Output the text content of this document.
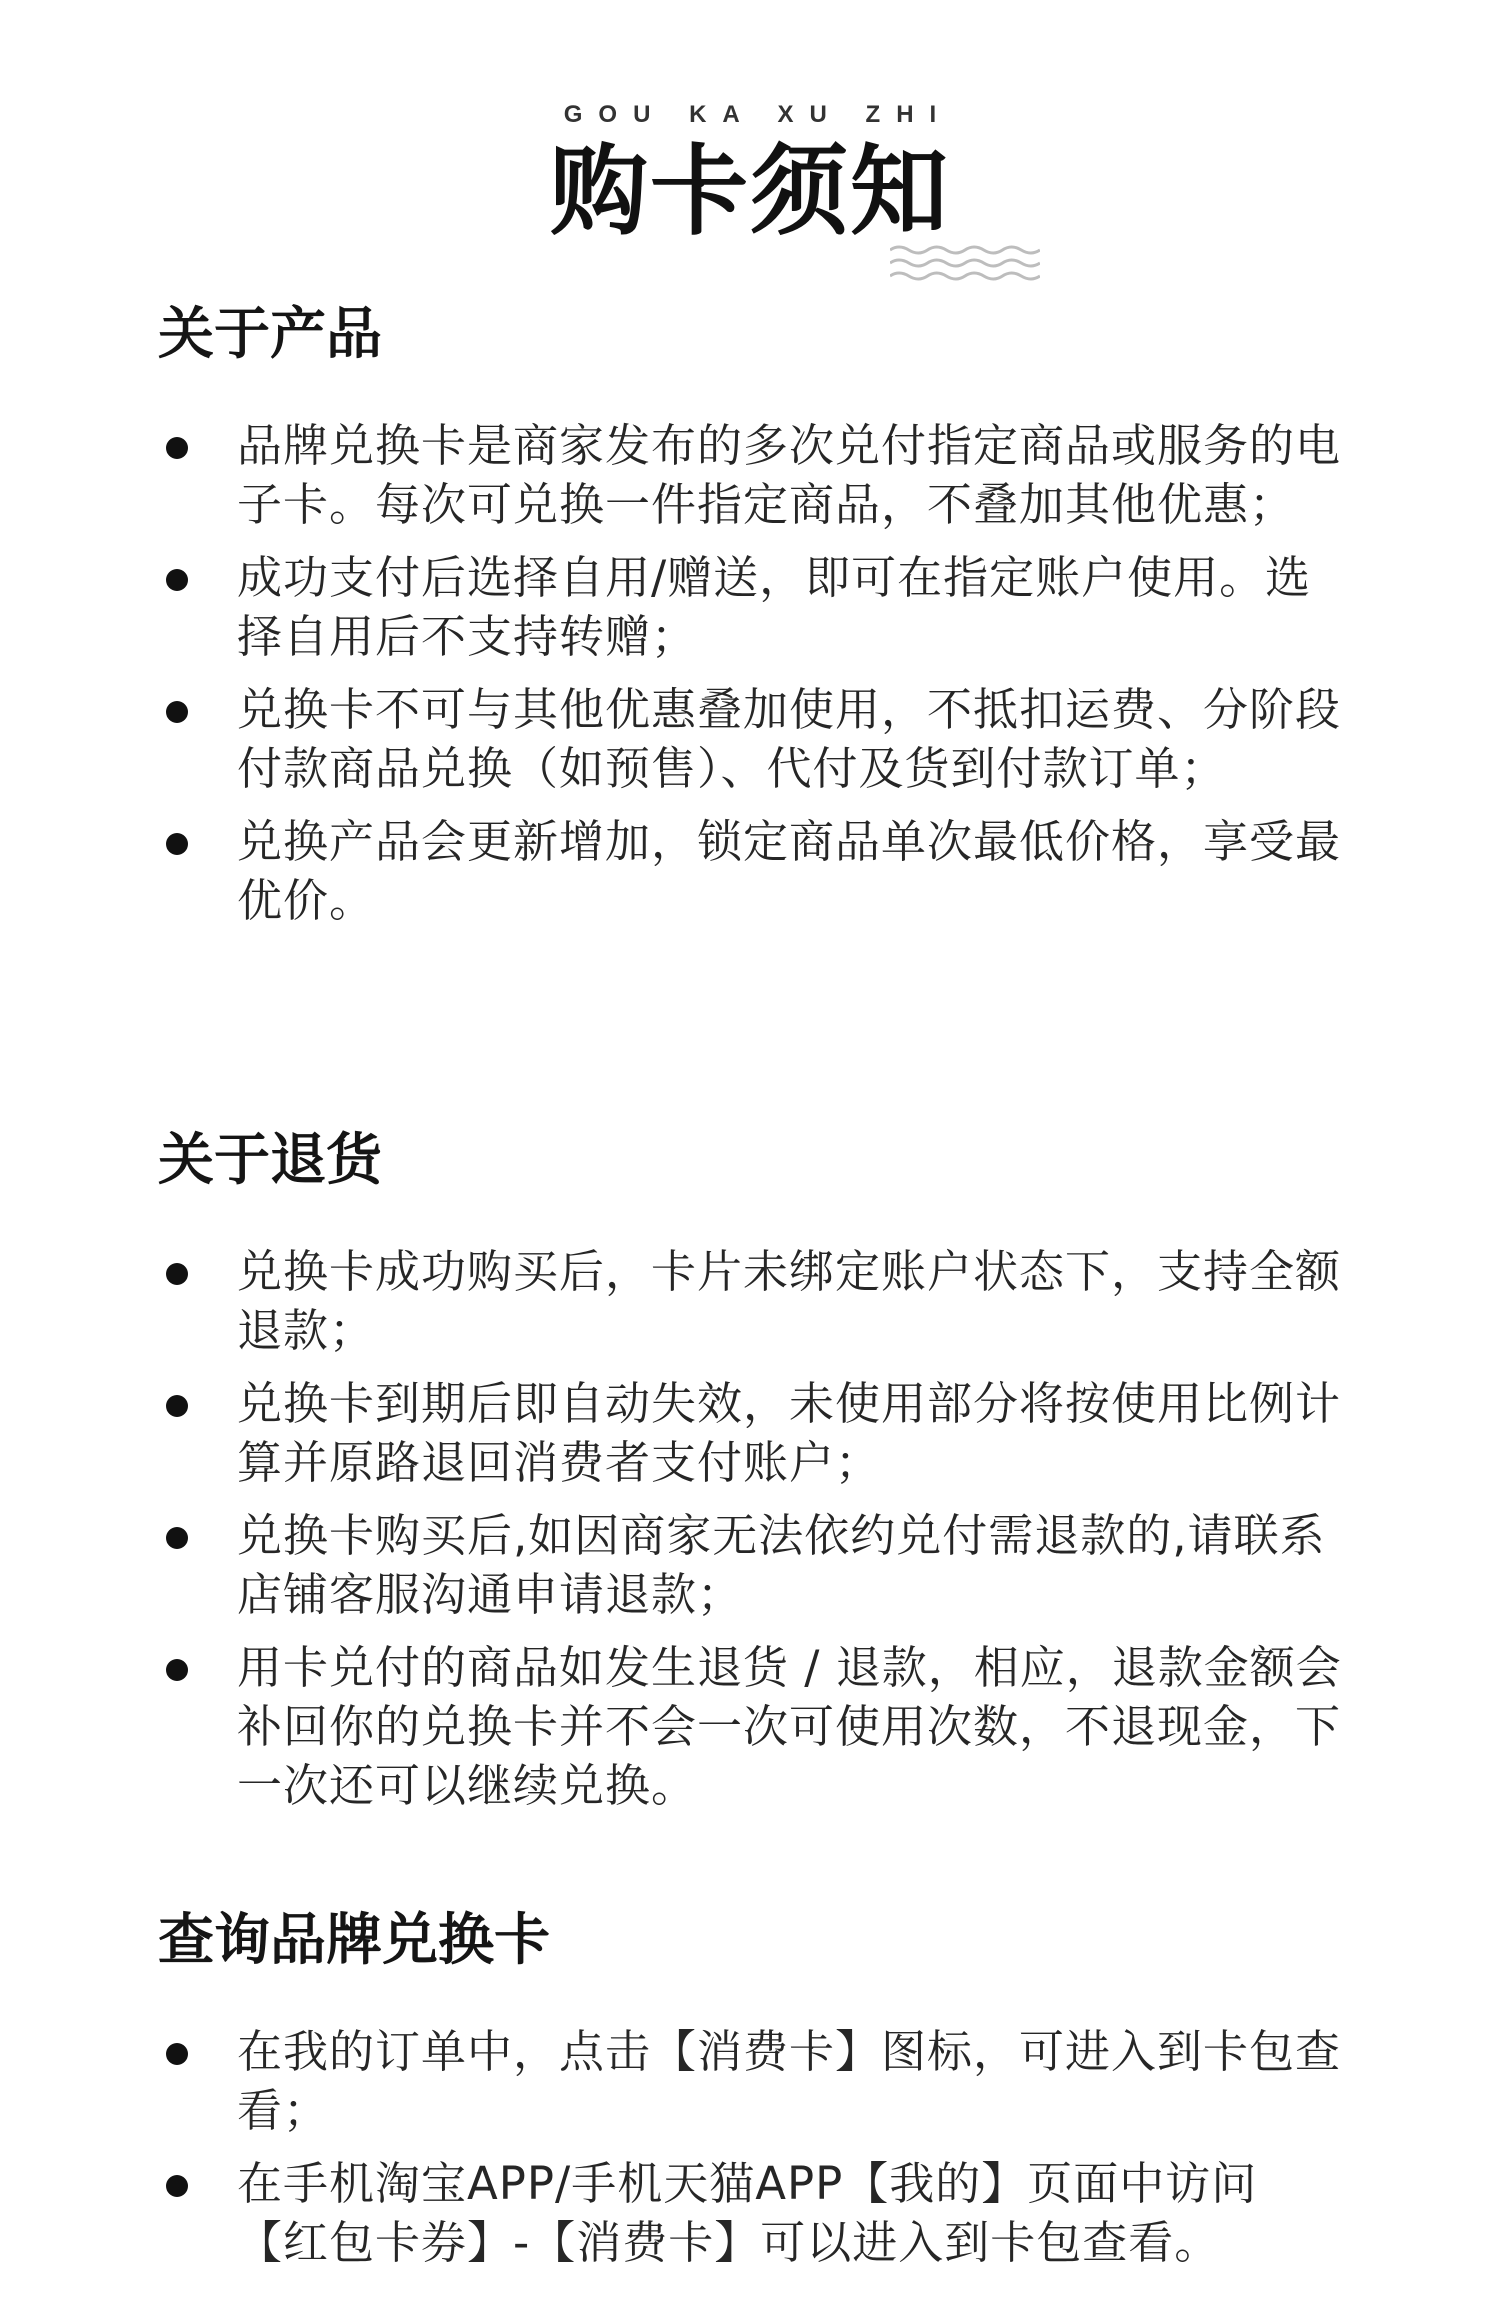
GOU KA XU ZHI
购卡须知
关于产品
品牌兑换卡是商家发布的多次兑付指定商品或服务的电子卡。每次可兑换一件指定商品，不叠加其他优惠；
成功支付后选择自用/赠送，即可在指定账户使用。选择自用后不支持转赠；
兑换卡不可与其他优惠叠加使用，不抵扣运费、分阶段付款商品兑换（如预售）、代付及货到付款订单；
兑换产品会更新增加，锁定商品单次最低价格，享受最优价。
关于退货
兑换卡成功购买后，卡片未绑定账户状态下，支持全额退款；
兑换卡到期后即自动失效，未使用部分将按使用比例计算并原路退回消费者支付账户；
兑换卡购买后,如因商家无法依约兑付需退款的,请联系店铺客服沟通申请退款；
用卡兑付的商品如发生退货 / 退款，相应，退款金额会补回你的兑换卡并不会一次可使用次数，不退现金，下一次还可以继续兑换。
查询品牌兑换卡
在我的订单中，点击【消费卡】图标，可进入到卡包查看；
在手机淘宝APP/手机天猫APP【我的】页面中访问【红包卡券】-【消费卡】可以进入到卡包查看。
